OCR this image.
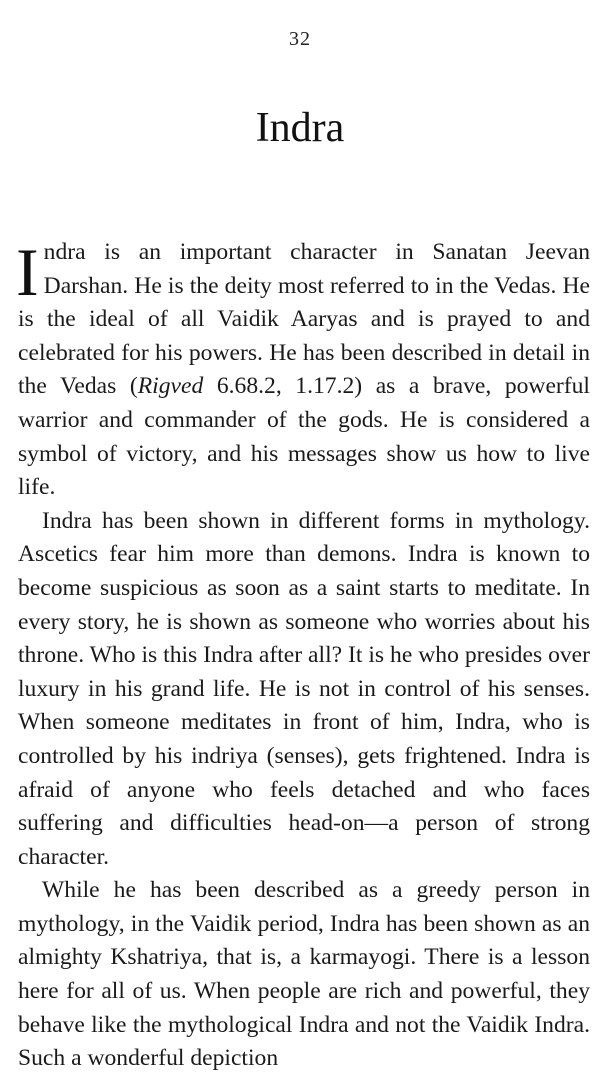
32
Indra

Indra is an important character in Sanatan Jeevan Darshan. He is the deity most referred to in the Vedas. He is the ideal of all Vaidik Aaryas and is prayed to and celebrated for his powers. He has been described in detail in the Vedas (Rigved 6.68.2, 1.17.2) as a brave, powerful warrior and commander of the gods. He is considered a symbol of victory, and his messages show us how to live life.

Indra has been shown in different forms in mythology. Ascetics fear him more than demons. Indra is known to become suspicious as soon as a saint starts to meditate. In every story, he is shown as someone who worries about his throne. Who is this Indra after all? It is he who presides over luxury in his grand life. He is not in control of his senses. When someone meditates in front of him, Indra, who is controlled by his indriya (senses), gets frightened. Indra is afraid of anyone who feels detached and who faces suffering and difficulties head-on—a person of strong character.

While he has been described as a greedy person in mythology, in the Vaidik period, Indra has been shown as an almighty Kshatriya, that is, a karmayogi. There is a lesson here for all of us. When people are rich and powerful, they behave like the mythological Indra and not the Vaidik Indra. Such a wonderful depiction
